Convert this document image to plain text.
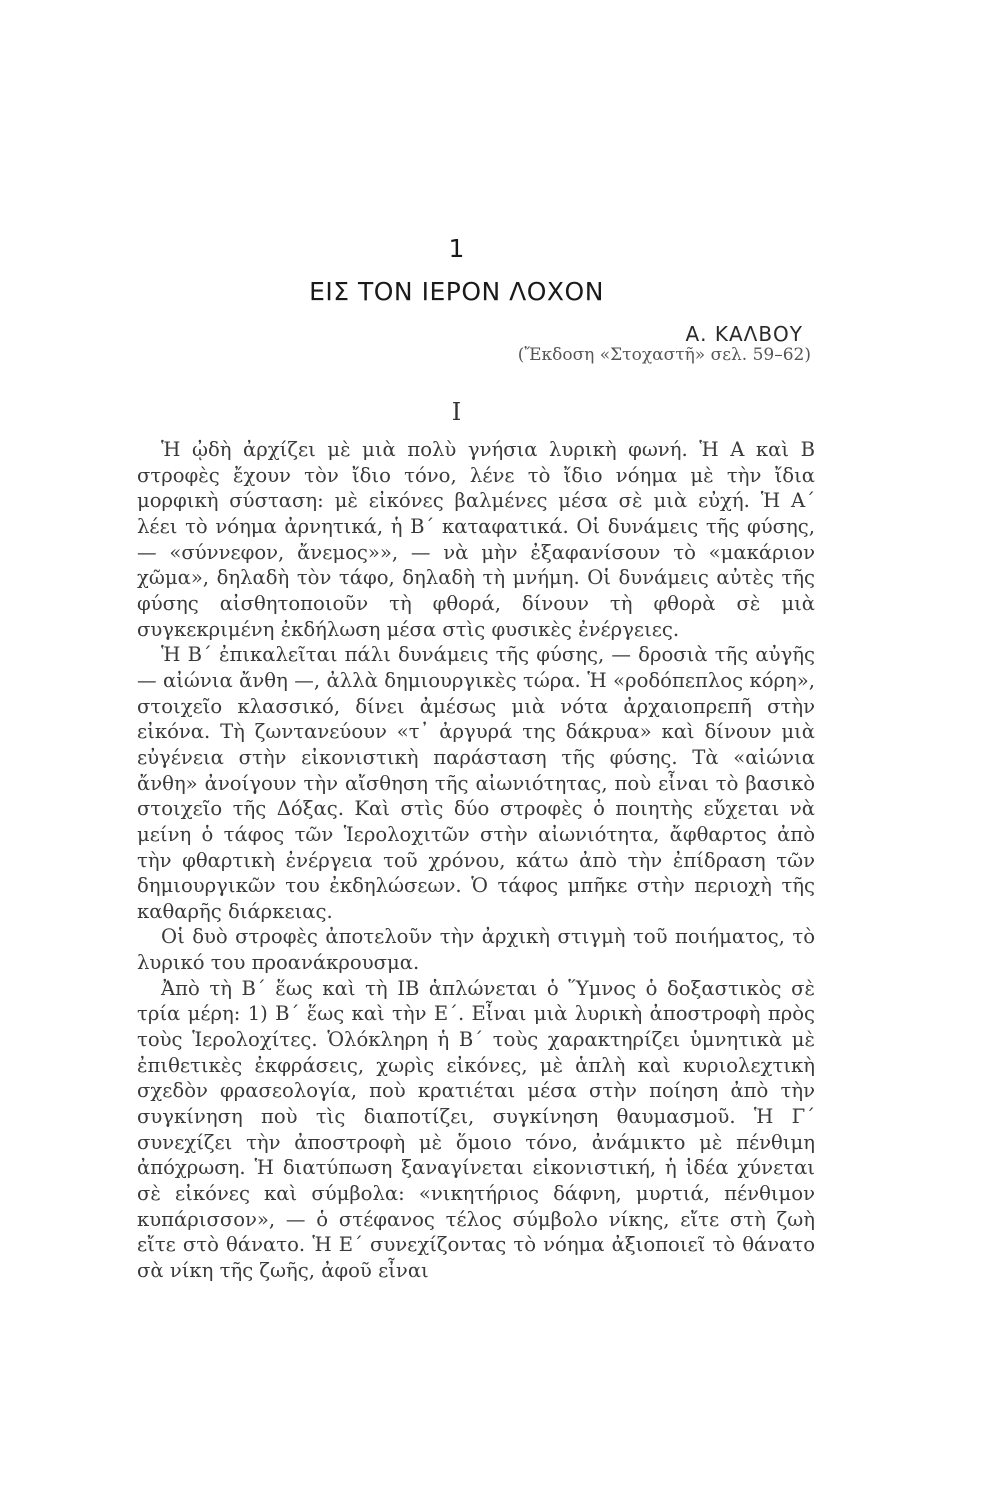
1
ΕΙΣ ΤΟΝ ΙΕΡΟΝ ΛΟΧΟΝ
Α. ΚΑΛΒΟΥ
(Ἔκδοση «Στοχαστῆ» σελ. 59–62)
I

Ἡ ᾠδὴ ἀρχίζει μὲ μιὰ πολὺ γνήσια λυρικὴ φωνή. Ἡ Α καὶ Β στροφὲς ἔχουν τὸν ἴδιο τόνο, λένε τὸ ἴδιο νόημα μὲ τὴν ἴδια μορφικὴ σύσταση: μὲ εἰκόνες βαλμένες μέσα σὲ μιὰ εὐχή. Ἡ Α΄ λέει τὸ νόημα ἀρνητικά, ἡ Β΄ καταφατικά. Οἱ δυνάμεις τῆς φύσης, — «σύννεφον, ἄνεμος»», — νὰ μὴν ἐξαφανίσουν τὸ «μακάριον χῶμα», δηλαδὴ τὸν τάφο, δηλαδὴ τὴ μνήμη. Οἱ δυνάμεις αὐτὲς τῆς φύσης αἰσθητοποιοῦν τὴ φθορά, δίνουν τὴ φθορὰ σὲ μιὰ συγκεκριμένη ἐκδήλωση μέσα στὶς φυσικὲς ἐνέργειες.

Ἡ Β΄ ἐπικαλεῖται πάλι δυνάμεις τῆς φύσης, — δροσιὰ τῆς αὐγῆς — αἰώνια ἄνθη —, ἀλλὰ δημιουργικὲς τώρα. Ἡ «ροδόπεπλος κόρη», στοιχεῖο κλασσικό, δίνει ἀμέσως μιὰ νότα ἀρχαιοπρεπῆ στὴν εἰκόνα. Τὴ ζωντανεύουν «τ᾽ ἀργυρά της δάκρυα» καὶ δίνουν μιὰ εὐγένεια στὴν εἰκονιστικὴ παράσταση τῆς φύσης. Τὰ «αἰώνια ἄνθη» ἀνοίγουν τὴν αἴσθηση τῆς αἰωνιότητας, ποὺ εἶναι τὸ βασικὸ στοιχεῖο τῆς Δόξας. Καὶ στὶς δύο στροφὲς ὁ ποιητὴς εὔχεται νὰ μείνη ὁ τάφος τῶν Ἱερολοχιτῶν στὴν αἰωνιότητα, ἄφθαρτος ἀπὸ τὴν φθαρτικὴ ἐνέργεια τοῦ χρόνου, κάτω ἀπὸ τὴν ἐπίδραση τῶν δημιουργικῶν του ἐκδηλώσεων. Ὁ τάφος μπῆκε στὴν περιοχὴ τῆς καθαρῆς διάρκειας.

Οἱ δυὸ στροφὲς ἀποτελοῦν τὴν ἀρχικὴ στιγμὴ τοῦ ποιήματος, τὸ λυρικό του προανάκρουσμα.

Ἀπὸ τὴ Β΄ ἕως καὶ τὴ ΙΒ ἁπλώνεται ὁ Ὕμνος ὁ δοξαστικὸς σὲ τρία μέρη: 1) Β΄ ἕως καὶ τὴν Ε΄. Εἶναι μιὰ λυρικὴ ἀποστροφὴ πρὸς τοὺς Ἱερολοχίτες. Ὁλόκληρη ἡ Β΄ τοὺς χαρακτηρίζει ὑμνητικὰ μὲ ἐπιθετικὲς ἐκφράσεις, χωρὶς εἰκόνες, μὲ ἁπλὴ καὶ κυριολεχτικὴ σχεδὸν φρασεολογία, ποὺ κρατιέται μέσα στὴν ποίηση ἀπὸ τὴν συγκίνηση ποὺ τὶς διαποτίζει, συγκίνηση θαυμασμοῦ. Ἡ Γ΄ συνεχίζει τὴν ἀποστροφὴ μὲ ὅμοιο τόνο, ἀνάμικτο μὲ πένθιμη ἀπόχρωση. Ἡ διατύπωση ξαναγίνεται εἰκονιστική, ἡ ἰδέα χύνεται σὲ εἰκόνες καὶ σύμβολα: «νικητήριος δάφνη, μυρτιά, πένθιμον κυπάρισσον», — ὁ στέφανος τέλος σύμβολο νίκης, εἴτε στὴ ζωὴ εἴτε στὸ θάνατο. Ἡ Ε΄ συνεχίζοντας τὸ νόημα ἀξιοποιεῖ τὸ θάνατο σὰ νίκη τῆς ζωῆς, ἀφοῦ εἶναι
